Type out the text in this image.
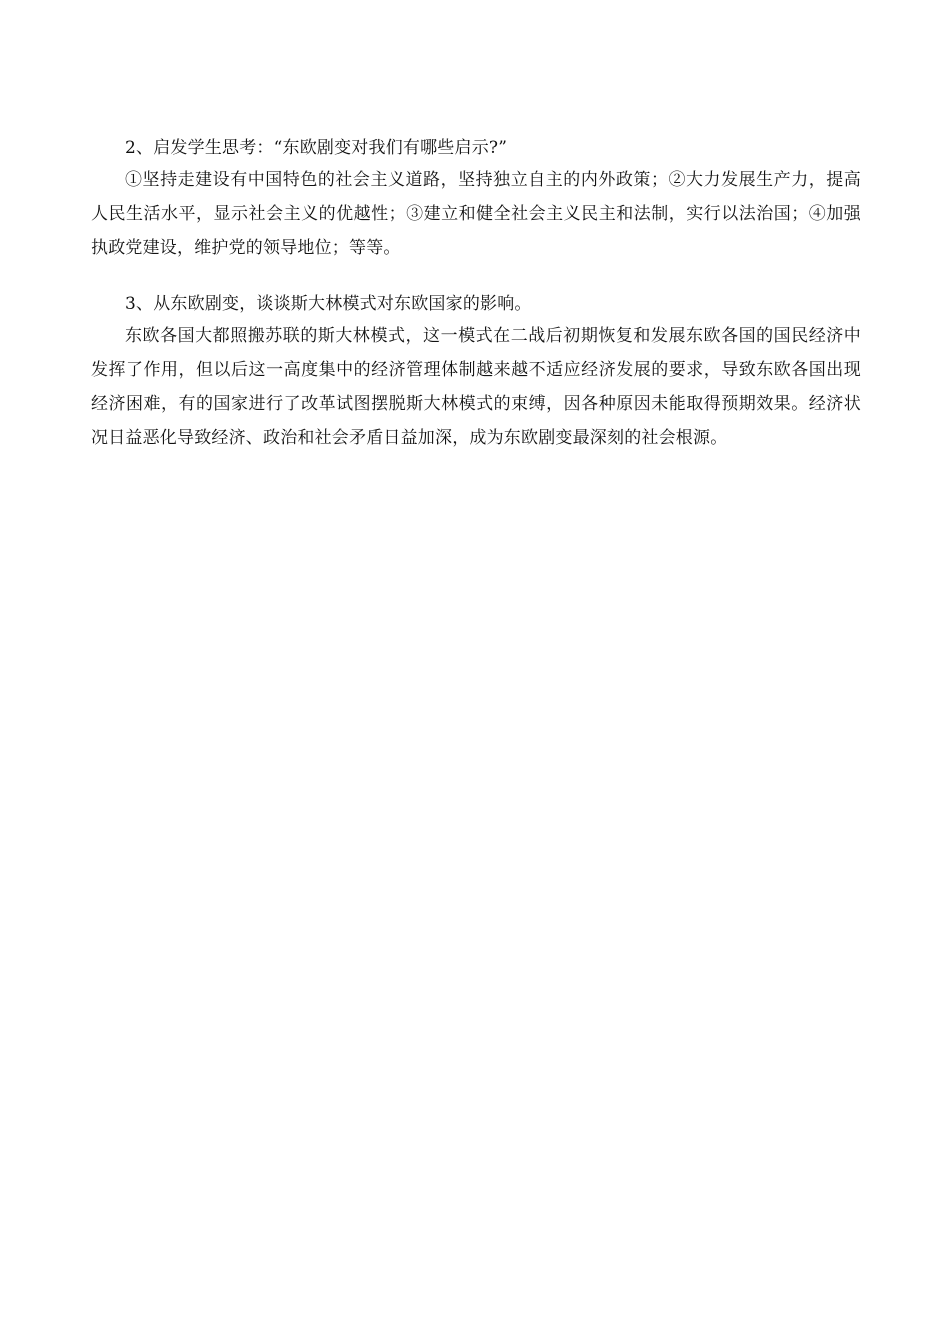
2、启发学生思考：“东欧剧变对我们有哪些启示?”

①坚持走建设有中国特色的社会主义道路，坚持独立自主的内外政策；②大力发展生产力，提高人民生活水平，显示社会主义的优越性；③建立和健全社会主义民主和法制，实行以法治国；④加强执政党建设，维护党的领导地位；等等。

3、从东欧剧变，谈谈斯大林模式对东欧国家的影响。

东欧各国大都照搬苏联的斯大林模式，这一模式在二战后初期恢复和发展东欧各国的国民经济中发挥了作用，但以后这一高度集中的经济管理体制越来越不适应经济发展的要求，导致东欧各国出现经济困难，有的国家进行了改革试图摆脱斯大林模式的束缚，因各种原因未能取得预期效果。经济状况日益恶化导致经济、政治和社会矛盾日益加深，成为东欧剧变最深刻的社会根源。
